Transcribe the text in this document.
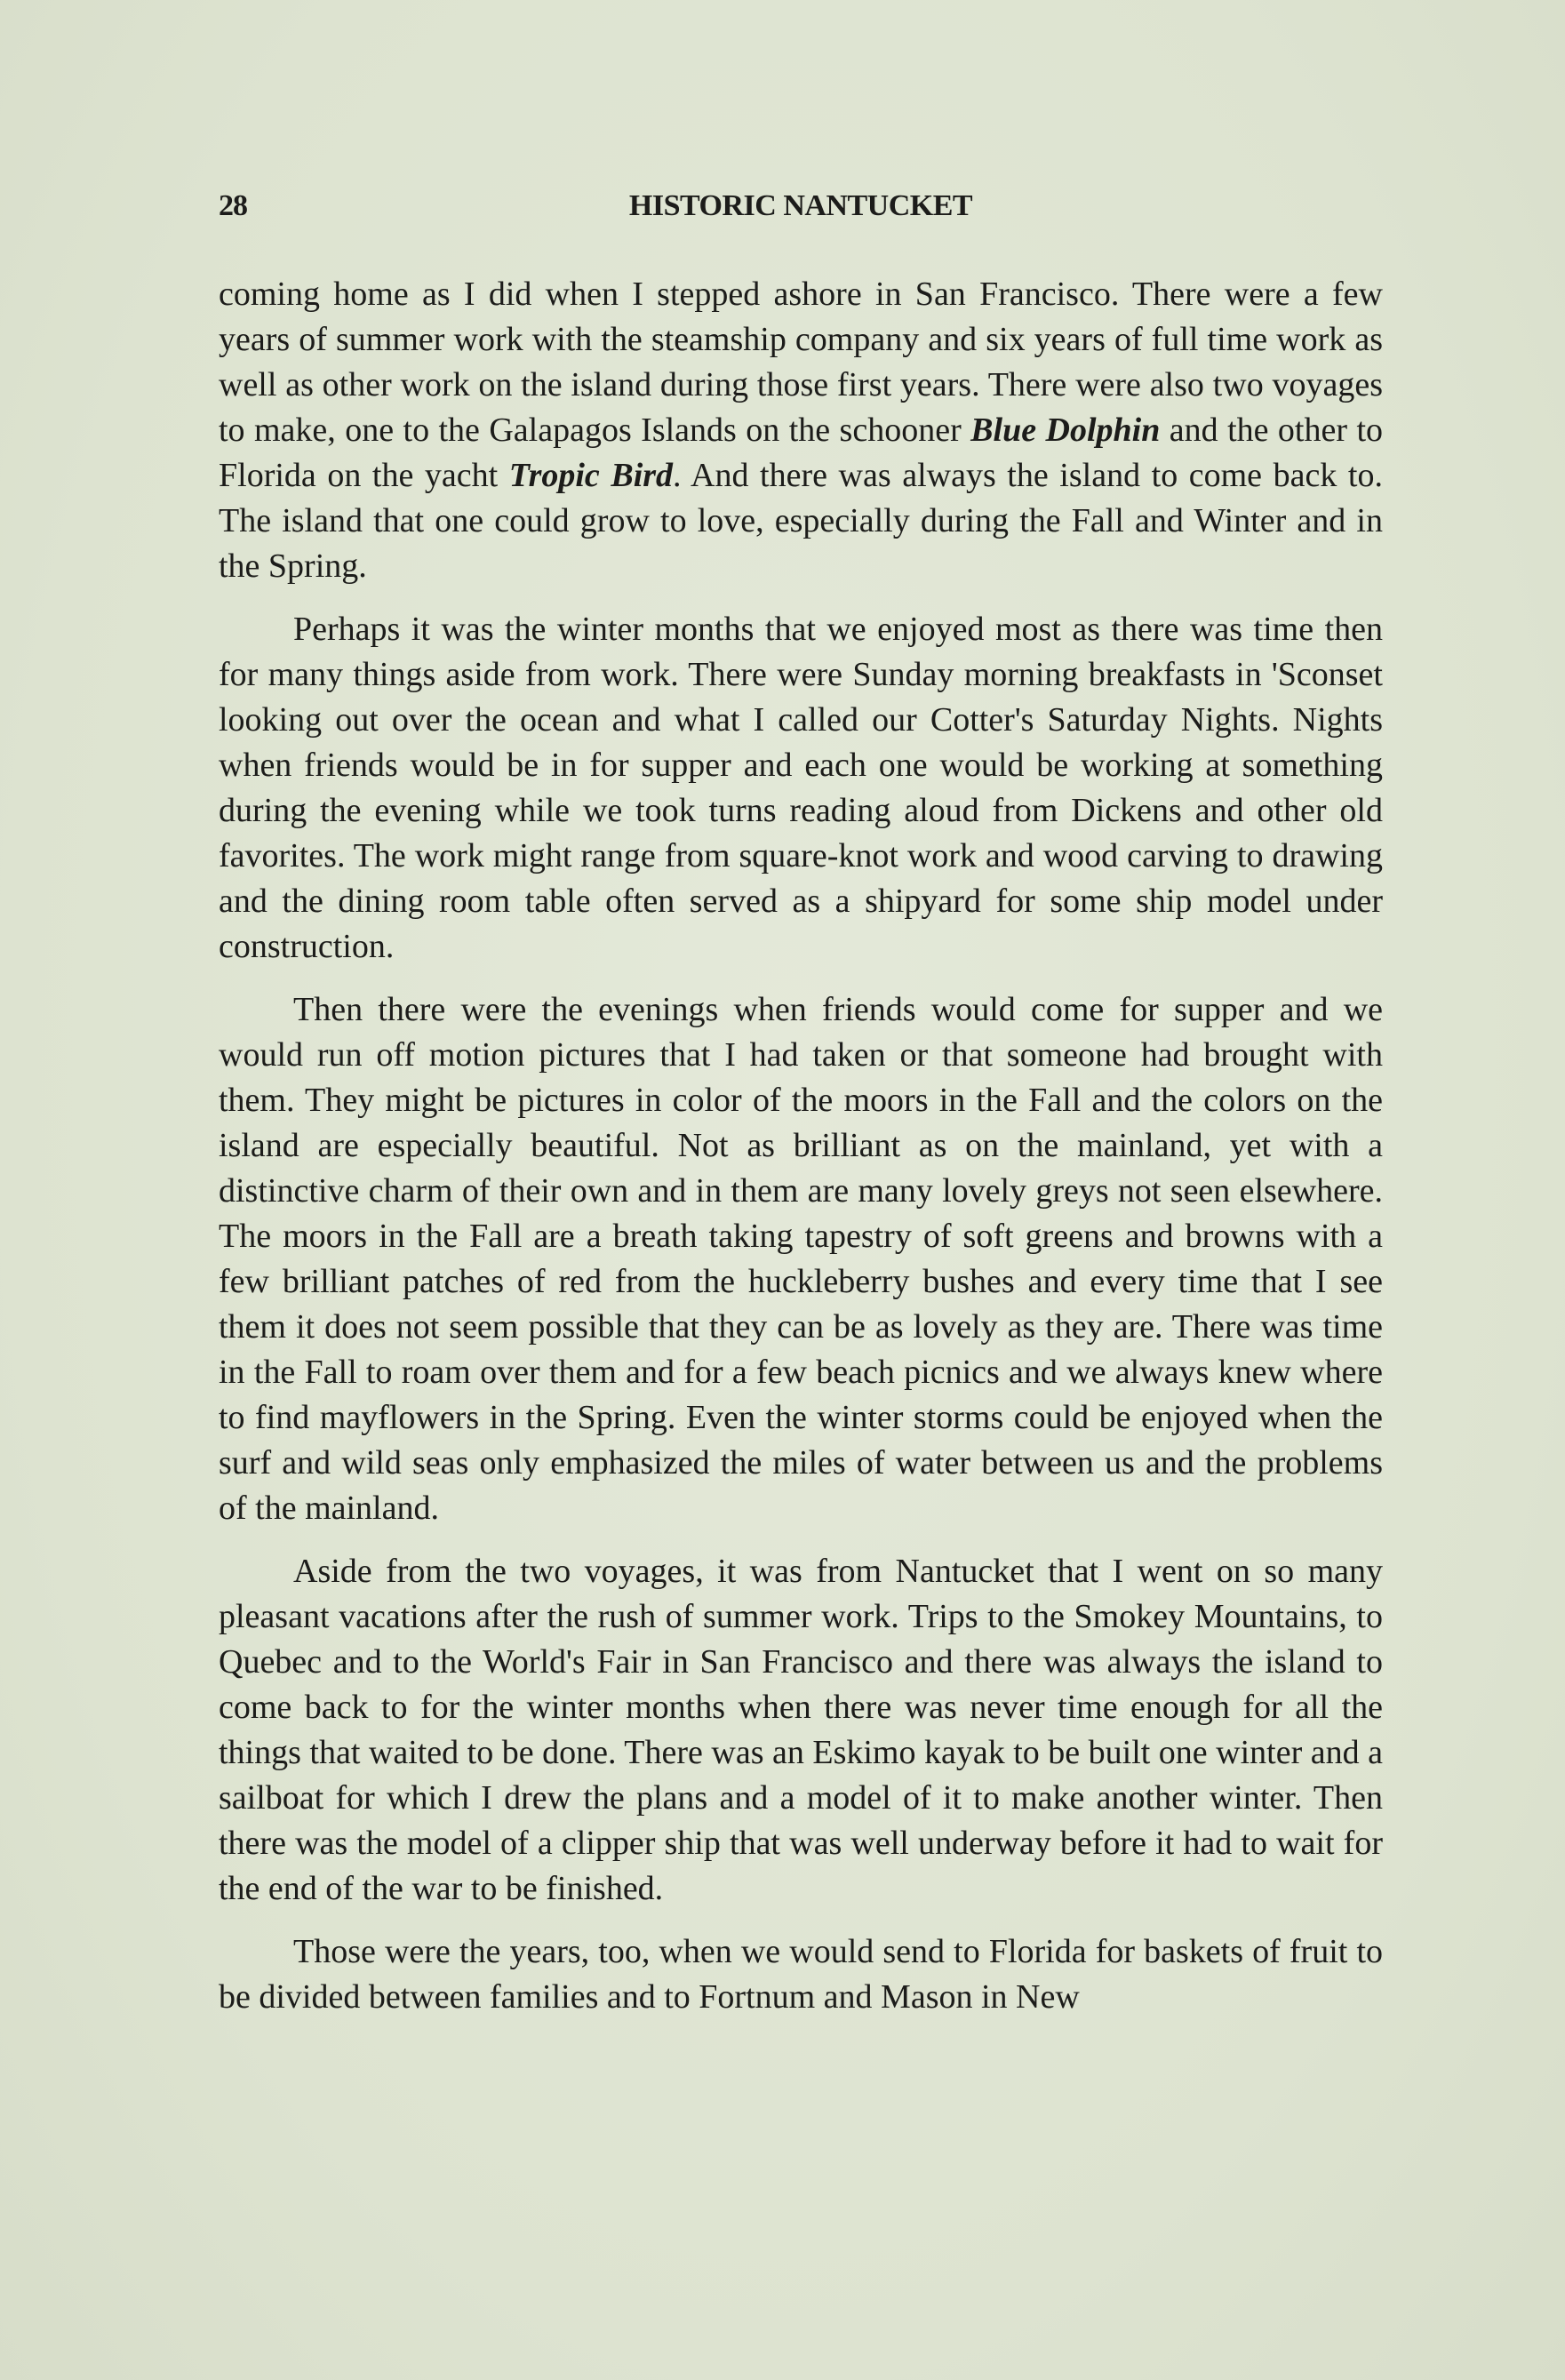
28	HISTORIC NANTUCKET

coming home as I did when I stepped ashore in San Francisco. There were a few years of summer work with the steamship company and six years of full time work as well as other work on the island during those first years. There were also two voyages to make, one to the Galapagos Islands on the schooner Blue Dolphin and the other to Florida on the yacht Tropic Bird. And there was always the island to come back to. The island that one could grow to love, especially during the Fall and Winter and in the Spring.

Perhaps it was the winter months that we enjoyed most as there was time then for many things aside from work. There were Sunday morning breakfasts in 'Sconset looking out over the ocean and what I called our Cotter's Saturday Nights. Nights when friends would be in for supper and each one would be working at something during the evening while we took turns reading aloud from Dickens and other old favorites. The work might range from square-knot work and wood carving to drawing and the dining room table often served as a shipyard for some ship model under construction.

Then there were the evenings when friends would come for supper and we would run off motion pictures that I had taken or that someone had brought with them. They might be pictures in color of the moors in the Fall and the colors on the island are especially beautiful. Not as brilliant as on the mainland, yet with a distinctive charm of their own and in them are many lovely greys not seen elsewhere. The moors in the Fall are a breath taking tapestry of soft greens and browns with a few brilliant patches of red from the huckleberry bushes and every time that I see them it does not seem possible that they can be as lovely as they are. There was time in the Fall to roam over them and for a few beach picnics and we always knew where to find mayflowers in the Spring. Even the winter storms could be enjoyed when the surf and wild seas only emphasized the miles of water between us and the problems of the mainland.

Aside from the two voyages, it was from Nantucket that I went on so many pleasant vacations after the rush of summer work. Trips to the Smokey Mountains, to Quebec and to the World's Fair in San Francisco and there was always the island to come back to for the winter months when there was never time enough for all the things that waited to be done. There was an Eskimo kayak to be built one winter and a sailboat for which I drew the plans and a model of it to make another winter. Then there was the model of a clipper ship that was well underway before it had to wait for the end of the war to be finished.

Those were the years, too, when we would send to Florida for baskets of fruit to be divided between families and to Fortnum and Mason in New
